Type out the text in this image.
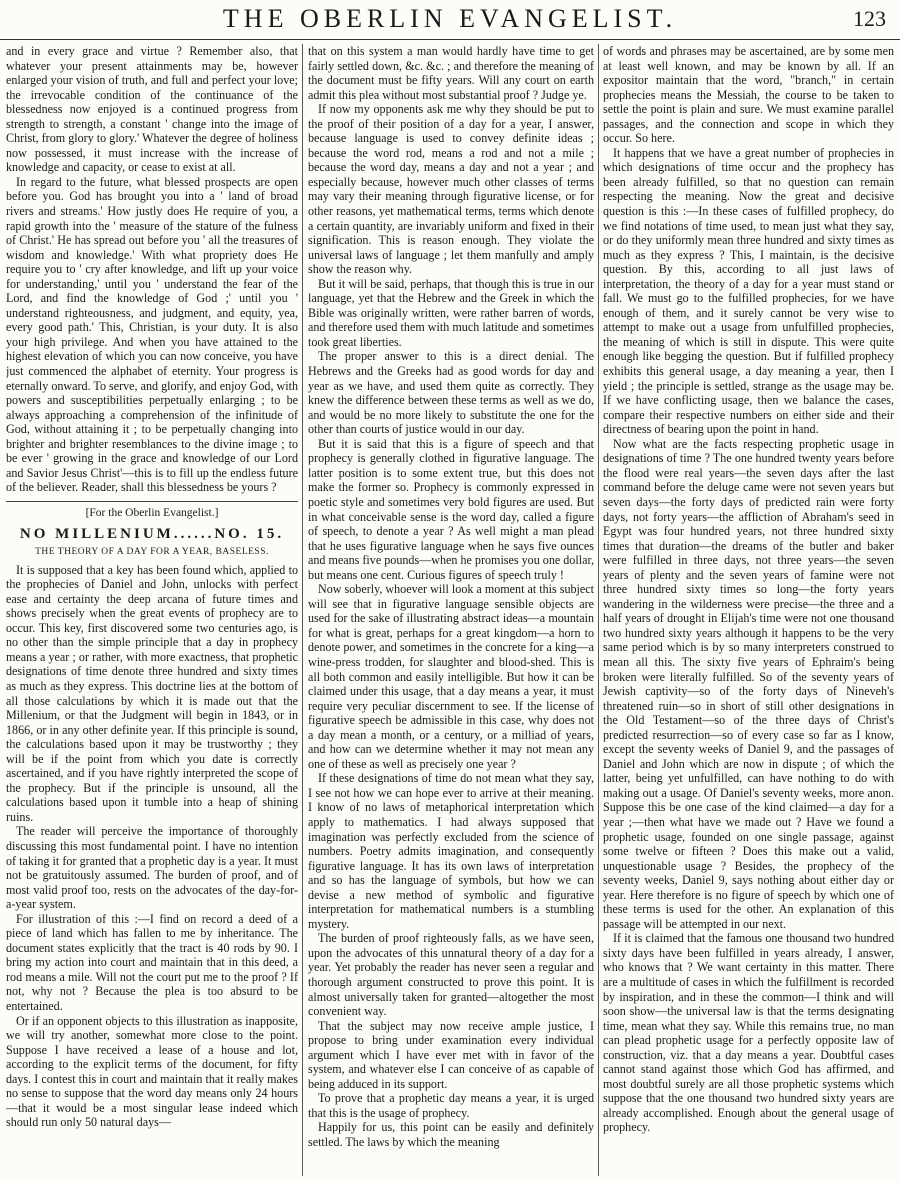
THE OBERLIN EVANGELIST.	123

and in every grace and virtue ? Remember also, that whatever your present attainments may be, however enlarged your vision of truth, and full and perfect your love; the irrevocable condition of the continuance of the blessedness now enjoyed is a continued progress from strength to strength, a constant ' change into the image of Christ, from glory to glory.' Whatever the degree of holiness now possessed, it must increase with the increase of knowledge and capacity, or cease to exist at all.

In regard to the future, what blessed prospects are open before you. God has brought you into a ' land of broad rivers and streams.' How justly does He require of you, a rapid growth into the ' measure of the stature of the fulness of Christ.' He has spread out before you ' all the treasures of wisdom and knowledge.' With what propriety does He require you to ' cry after knowledge, and lift up your voice for understanding,' until you ' understand the fear of the Lord, and find the knowledge of God ;' until you ' understand righteousness, and judgment, and equity, yea, every good path.' This, Christian, is your duty. It is also your high privilege. And when you have attained to the highest elevation of which you can now conceive, you have just commenced the alphabet of eternity. Your progress is eternally onward. To serve, and glorify, and enjoy God, with powers and susceptibilities perpetually enlarging ; to be always approaching a comprehension of the infinitude of God, without attaining it ; to be perpetually changing into brighter and brighter resemblances to the divine image ; to be ever ' growing in the grace and knowledge of our Lord and Savior Jesus Christ'—this is to fill up the endless future of the believer. Reader, shall this blessedness be yours ?

[For the Oberlin Evangelist.]
NO MILLENIUM......NO. 15.
THE THEORY OF A DAY FOR A YEAR, BASELESS.

It is supposed that a key has been found which, applied to the prophecies of Daniel and John, unlocks with perfect ease and certainty the deep arcana of future times and shows precisely when the great events of prophecy are to occur. This key, first discovered some two centuries ago, is no other than the simple principle that a day in prophecy means a year ; or rather, with more exactness, that prophetic designations of time denote three hundred and sixty times as much as they express. This doctrine lies at the bottom of all those calculations by which it is made out that the Millenium, or that the Judgment will begin in 1843, or in 1866, or in any other definite year. If this principle is sound, the calculations based upon it may be trustworthy ; they will be if the point from which you date is correctly ascertained, and if you have rightly interpreted the scope of the prophecy. But if the principle is unsound, all the calculations based upon it tumble into a heap of shining ruins.

The reader will perceive the importance of thoroughly discussing this most fundamental point. I have no intention of taking it for granted that a prophetic day is a year. It must not be gratuitously assumed. The burden of proof, and of most valid proof too, rests on the advocates of the day-for-a-year system.

For illustration of this :—I find on record a deed of a piece of land which has fallen to me by inheritance. The document states explicitly that the tract is 40 rods by 90. I bring my action into court and maintain that in this deed, a rod means a mile. Will not the court put me to the proof ? If not, why not ? Because the plea is too absurd to be entertained.

Or if an opponent objects to this illustration as inapposite, we will try another, somewhat more close to the point. Suppose I have received a lease of a house and lot, according to the explicit terms of the document, for fifty days. I contest this in court and maintain that it really makes no sense to suppose that the word day means only 24 hours—that it would be a most singular lease indeed which should run only 50 natural days—

that on this system a man would hardly have time to get fairly settled down, &c. &c. ; and therefore the meaning of the document must be fifty years. Will any court on earth admit this plea without most substantial proof ? Judge ye.

If now my opponents ask me why they should be put to the proof of their position of a day for a year, I answer, because language is used to convey definite ideas ; because the word rod, means a rod and not a mile ; because the word day, means a day and not a year ; and especially because, however much other classes of terms may vary their meaning through figurative license, or for other reasons, yet mathematical terms, terms which denote a certain quantity, are invariably uniform and fixed in their signification. This is reason enough. They violate the universal laws of language ; let them manfully and amply show the reason why.

But it will be said, perhaps, that though this is true in our language, yet that the Hebrew and the Greek in which the Bible was originally written, were rather barren of words, and therefore used them with much latitude and sometimes took great liberties.

The proper answer to this is a direct denial. The Hebrews and the Greeks had as good words for day and year as we have, and used them quite as correctly. They knew the difference between these terms as well as we do, and would be no more likely to substitute the one for the other than courts of justice would in our day.

But it is said that this is a figure of speech and that prophecy is generally clothed in figurative language. The latter position is to some extent true, but this does not make the former so. Prophecy is commonly expressed in poetic style and sometimes very bold figures are used. But in what conceivable sense is the word day, called a figure of speech, to denote a year ? As well might a man plead that he uses figurative language when he says five ounces and means five pounds—when he promises you one dollar, but means one cent. Curious figures of speech truly !

Now soberly, whoever will look a moment at this subject will see that in figurative language sensible objects are used for the sake of illustrating abstract ideas—a mountain for what is great, perhaps for a great kingdom—a horn to denote power, and sometimes in the concrete for a king—a wine-press trodden, for slaughter and blood-shed. This is all both common and easily intelligible. But how it can be claimed under this usage, that a day means a year, it must require very peculiar discernment to see. If the license of figurative speech be admissible in this case, why does not a day mean a month, or a century, or a milliad of years, and how can we determine whether it may not mean any one of these as well as precisely one year ?

If these designations of time do not mean what they say, I see not how we can hope ever to arrive at their meaning. I know of no laws of metaphorical interpretation which apply to mathematics. I had always supposed that imagination was perfectly excluded from the science of numbers. Poetry admits imagination, and consequently figurative language. It has its own laws of interpretation and so has the language of symbols, but how we can devise a new method of symbolic and figurative interpretation for mathematical numbers is a stumbling mystery.

The burden of proof righteously falls, as we have seen, upon the advocates of this unnatural theory of a day for a year. Yet probably the reader has never seen a regular and thorough argument constructed to prove this point. It is almost universally taken for granted—altogether the most convenient way.

That the subject may now receive ample justice, I propose to bring under examination every individual argument which I have ever met with in favor of the system, and whatever else I can conceive of as capable of being adduced in its support.

To prove that a prophetic day means a year, it is urged that this is the usage of prophecy.

Happily for us, this point can be easily and definitely settled. The laws by which the meaning

of words and phrases may be ascertained, are by some men at least well known, and may be known by all. If an expositor maintain that the word, "branch," in certain prophecies means the Messiah, the course to be taken to settle the point is plain and sure. We must examine parallel passages, and the connection and scope in which they occur. So here.

It happens that we have a great number of prophecies in which designations of time occur and the prophecy has been already fulfilled, so that no question can remain respecting the meaning. Now the great and decisive question is this :—In these cases of fulfilled prophecy, do we find notations of time used, to mean just what they say, or do they uniformly mean three hundred and sixty times as much as they express ? This, I maintain, is the decisive question. By this, according to all just laws of interpretation, the theory of a day for a year must stand or fall. We must go to the fulfilled prophecies, for we have enough of them, and it surely cannot be very wise to attempt to make out a usage from unfulfilled prophecies, the meaning of which is still in dispute. This were quite enough like begging the question. But if fulfilled prophecy exhibits this general usage, a day meaning a year, then I yield ; the principle is settled, strange as the usage may be. If we have conflicting usage, then we balance the cases, compare their respective numbers on either side and their directness of bearing upon the point in hand.

Now what are the facts respecting prophetic usage in designations of time ? The one hundred twenty years before the flood were real years—the seven days after the last command before the deluge came were not seven years but seven days—the forty days of predicted rain were forty days, not forty years—the affliction of Abraham's seed in Egypt was four hundred years, not three hundred sixty times that duration—the dreams of the butler and baker were fulfilled in three days, not three years—the seven years of plenty and the seven years of famine were not three hundred sixty times so long—the forty years wandering in the wilderness were precise—the three and a half years of drought in Elijah's time were not one thousand two hundred sixty years although it happens to be the very same period which is by so many interpreters construed to mean all this. The sixty five years of Ephraim's being broken were literally fulfilled. So of the seventy years of Jewish captivity—so of the forty days of Nineveh's threatened ruin—so in short of still other designations in the Old Testament—so of the three days of Christ's predicted resurrection—so of every case so far as I know, except the seventy weeks of Daniel 9, and the passages of Daniel and John which are now in dispute ; of which the latter, being yet unfulfilled, can have nothing to do with making out a usage. Of Daniel's seventy weeks, more anon. Suppose this be one case of the kind claimed—a day for a year ;—then what have we made out ? Have we found a prophetic usage, founded on one single passage, against some twelve or fifteen ? Does this make out a valid, unquestionable usage ? Besides, the prophecy of the seventy weeks, Daniel 9, says nothing about either day or year. Here therefore is no figure of speech by which one of these terms is used for the other. An explanation of this passage will be attempted in our next.

If it is claimed that the famous one thousand two hundred sixty days have been fulfilled in years already, I answer, who knows that ? We want certainty in this matter. There are a multitude of cases in which the fulfillment is recorded by inspiration, and in these the common—I think and will soon show—the universal law is that the terms designating time, mean what they say. While this remains true, no man can plead prophetic usage for a perfectly opposite law of construction, viz. that a day means a year. Doubtful cases cannot stand against those which God has affirmed, and most doubtful surely are all those prophetic systems which suppose that the one thousand two hundred sixty years are already accomplished. Enough about the general usage of prophecy.
